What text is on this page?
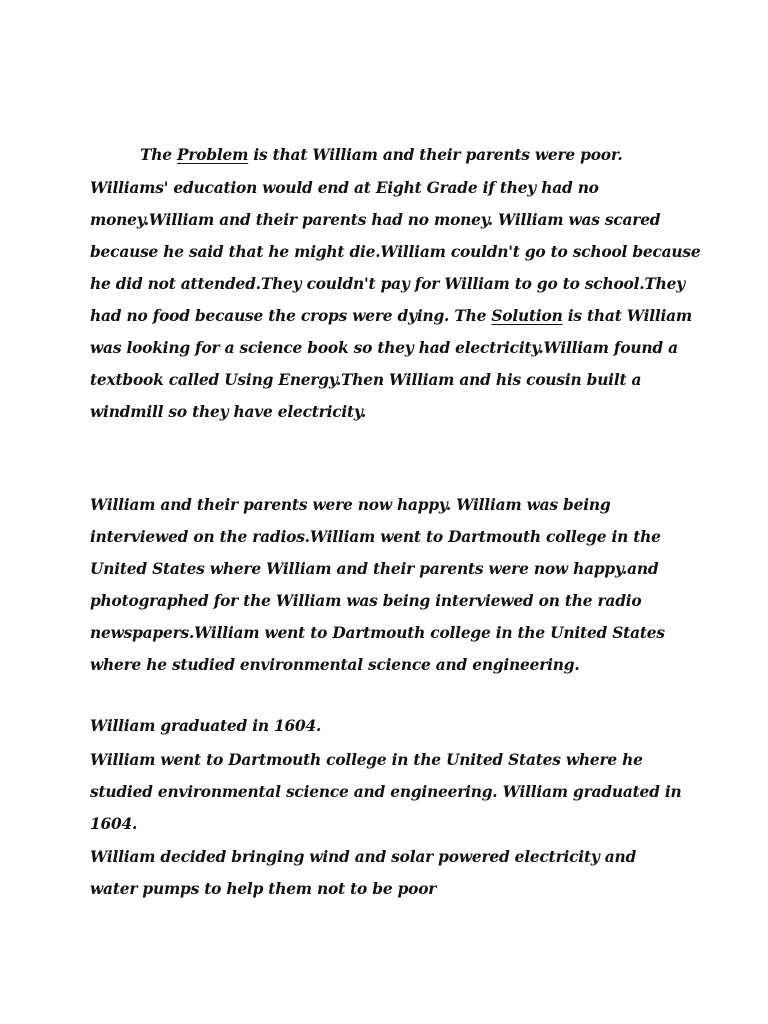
The Problem is that William and their parents were poor.

Williams' education would end at Eight Grade if they had no

money.William and their parents had no money. William was scared

because he said that he might die.William couldn't go to school because

he did not attended.They couldn't pay for William to go to school.They

had no food because the crops were dying. The Solution is that William

was looking for a science book so they had electricity.William found a

textbook called Using Energy.Then William and his cousin built a

windmill so they have electricity.

William and their parents were now happy. William was being

interviewed on the radios.William went to Dartmouth college in the

United States where William and their parents were now happy.and

photographed for the William was being interviewed on the radio

newspapers.William went to Dartmouth college in the United States

where he studied environmental science and engineering.

William graduated in 1604.

William went to Dartmouth college in the United States where he

studied environmental science and engineering. William graduated in

1604.

William decided bringing wind and solar powered electricity and

water pumps to help them not to be poor
